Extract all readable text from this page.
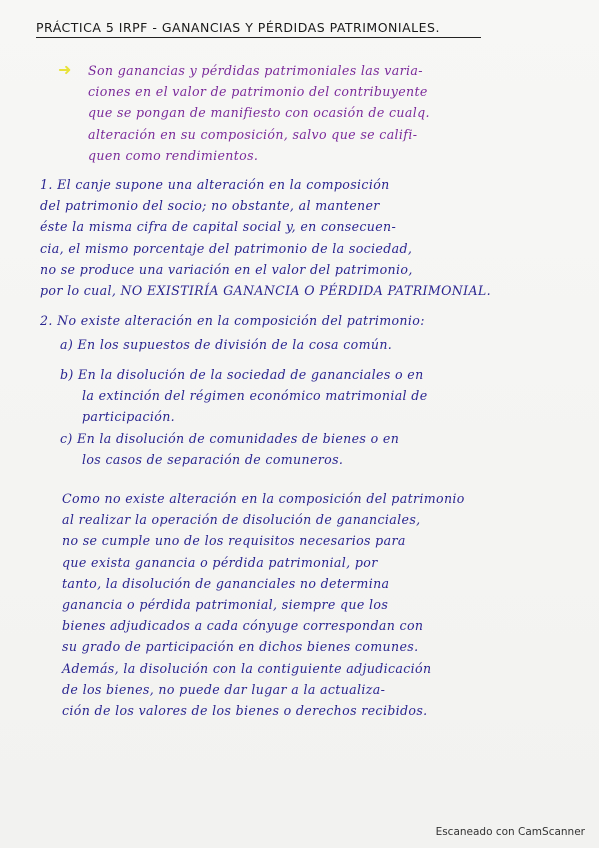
PRÁCTICA 5 IRPF - GANANCIAS Y PÉRDIDAS PATRIMONIALES.
➜ Son ganancias y pérdidas patrimoniales las varia-
ciones en el valor de patrimonio del contribuyente
que se pongan de manifiesto con ocasión de cualq.
alteración en su composición, salvo que se califi-
quen como rendimientos.
1. El canje supone una alteración en la composición
del patrimonio del socio; no obstante, al mantener
éste la misma cifra de capital social y, en consecuen-
cia, el mismo porcentaje del patrimonio de la sociedad,
no se produce una variación en el valor del patrimonio,
por lo cual, NO EXISTIRÍA GANANCIA O PÉRDIDA PATRIMONIAL.
2. No existe alteración en la composición del patrimonio:
a) En los supuestos de división de la cosa común.
b) En la disolución de la sociedad de gananciales o en
la extinción del régimen económico matrimonial de
participación.
c) En la disolución de comunidades de bienes o en
los casos de separación de comuneros.
Como no existe alteración en la composición del patrimonio
al realizar la operación de disolución de gananciales,
no se cumple uno de los requisitos necesarios para
que exista ganancia o pérdida patrimonial, por
tanto, la disolución de gananciales no determina
ganancia o pérdida patrimonial, siempre que los
bienes adjudicados a cada cónyuge correspondan con
su grado de participación en dichos bienes comunes.
Además, la disolución con la contiguiente adjudicación
de los bienes, no puede dar lugar a la actualiza-
ción de los valores de los bienes o derechos recibidos.
Escaneado con CamScanner
